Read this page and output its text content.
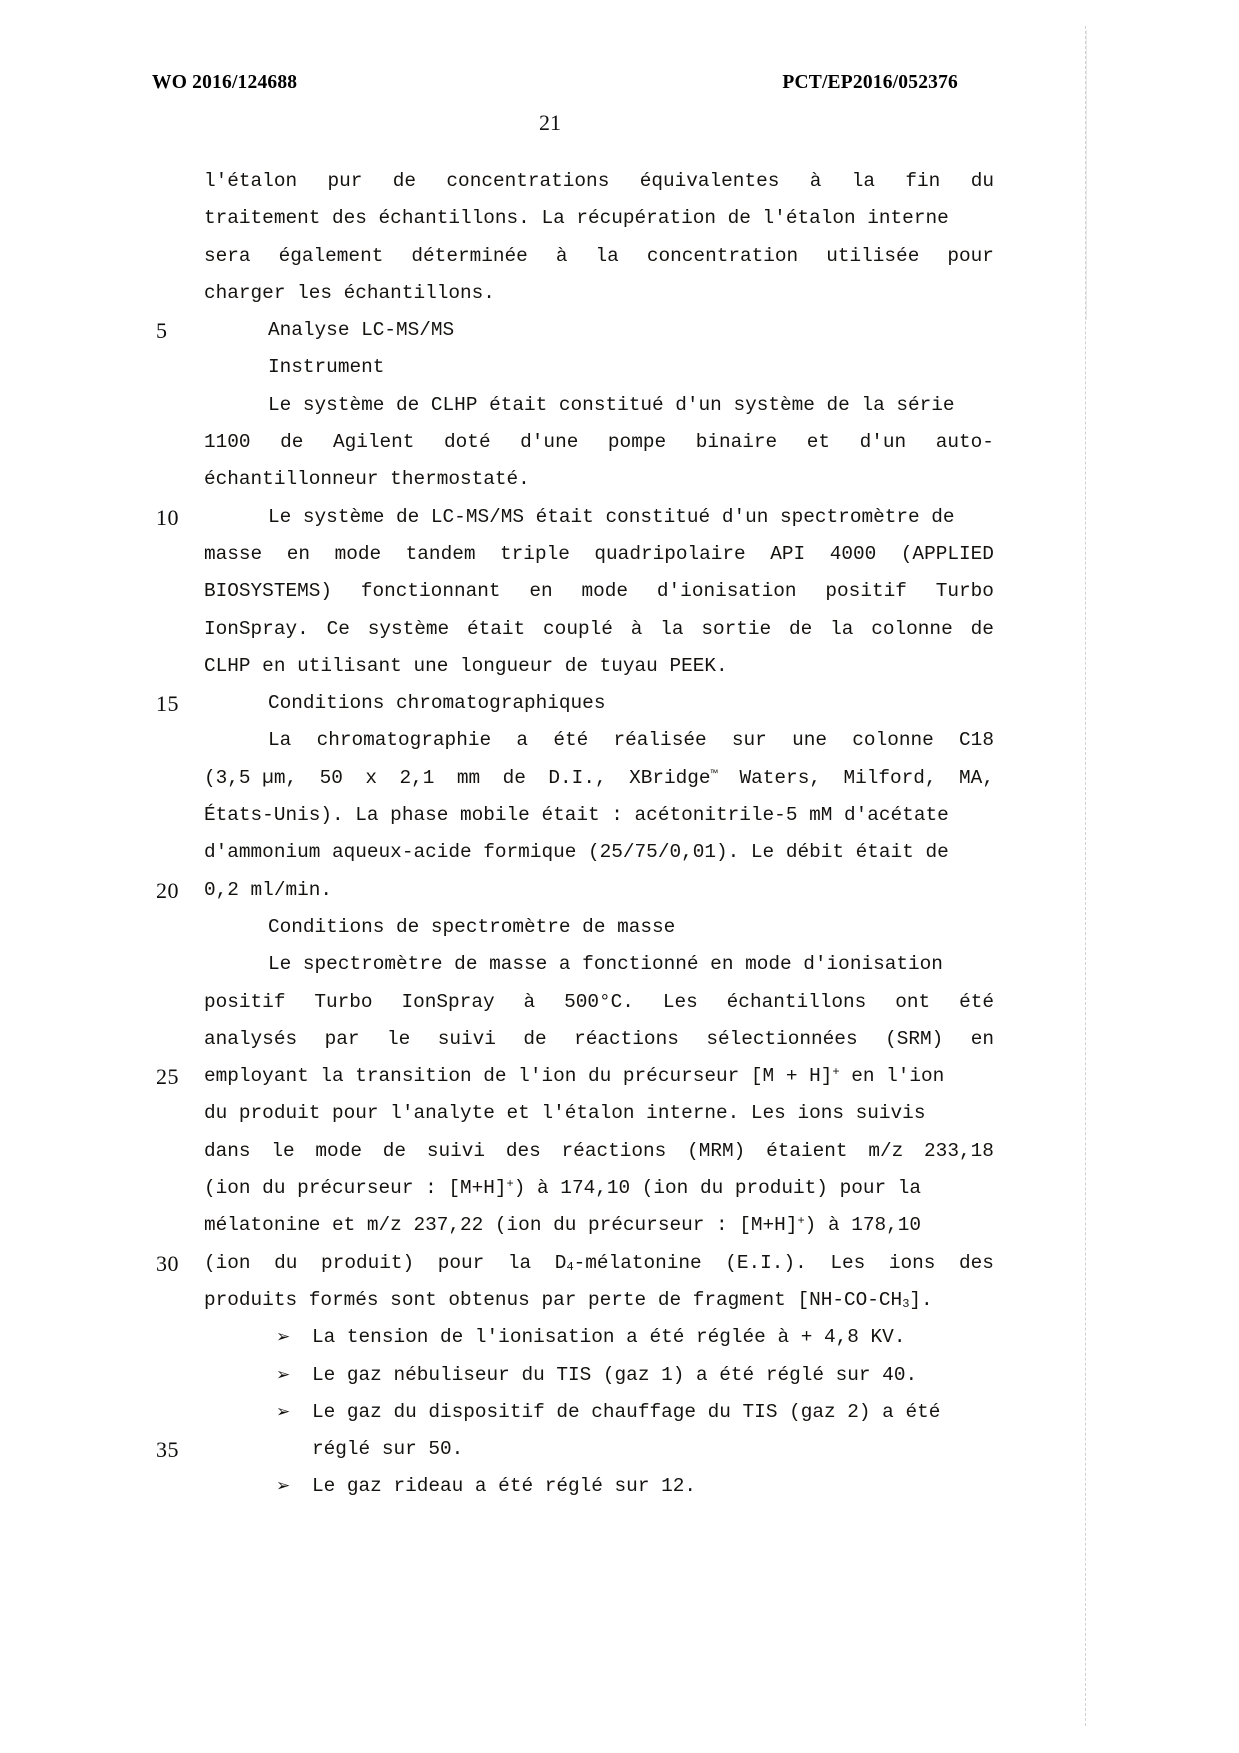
WO 2016/124688	PCT/EP2016/052376
21
l'étalon pur de concentrations équivalentes à la fin du
traitement des échantillons. La récupération de l'étalon interne
sera également déterminée à la concentration utilisée pour
charger les échantillons.
5	Analyse LC-MS/MS
Instrument
Le système de CLHP était constitué d'un système de la série
1100 de Agilent doté d'une pompe binaire et d'un auto-
échantillonneur thermostaté.
10	Le système de LC-MS/MS était constitué d'un spectromètre de
masse en mode tandem triple quadripolaire API 4000 (APPLIED
BIOSYSTEMS) fonctionnant en mode d'ionisation positif Turbo
IonSpray. Ce système était couplé à la sortie de la colonne de
CLHP en utilisant une longueur de tuyau PEEK.
15	Conditions chromatographiques
La chromatographie a été réalisée sur une colonne C18
(3,5 µm, 50 x 2,1 mm de D.I., XBridge™ Waters, Milford, MA,
États-Unis). La phase mobile était : acétonitrile-5 mM d'acétate
d'ammonium aqueux-acide formique (25/75/0,01). Le débit était de
20	0,2 ml/min.
Conditions de spectromètre de masse
Le spectromètre de masse a fonctionné en mode d'ionisation
positif Turbo IonSpray à 500°C. Les échantillons ont été
analysés par le suivi de réactions sélectionnées (SRM) en
25	employant la transition de l'ion du précurseur [M + H]+ en l'ion
du produit pour l'analyte et l'étalon interne. Les ions suivis
dans le mode de suivi des réactions (MRM) étaient m/z 233,18
(ion du précurseur : [M+H]+) à 174,10 (ion du produit) pour la
mélatonine et m/z 237,22 (ion du précurseur : [M+H]+) à 178,10
30	(ion du produit) pour la $D_4$-mélatonine (E.I.). Les ions des
produits formés sont obtenus par perte de fragment $[NH-CO-CH_3]$.
➢ La tension de l'ionisation a été réglée à + 4,8 KV.
➢ Le gaz nébuliseur du TIS (gaz 1) a été réglé sur 40.
➢ Le gaz du dispositif de chauffage du TIS (gaz 2) a été
35	réglé sur 50.
➢ Le gaz rideau a été réglé sur 12.
